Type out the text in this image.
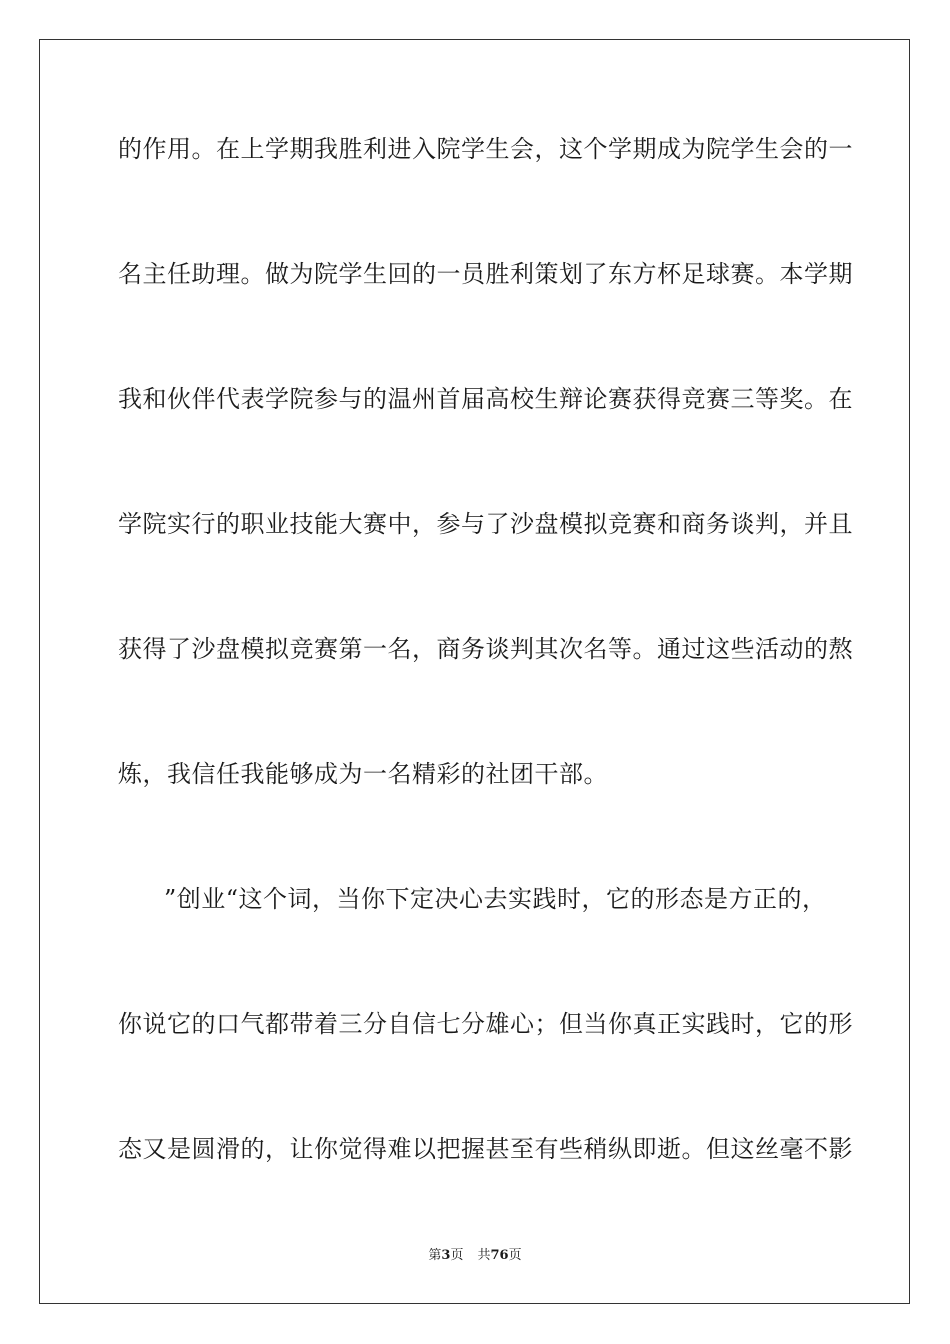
的作用。在上学期我胜利进入院学生会，这个学期成为院学生会的一
名主任助理。做为院学生回的一员胜利策划了东方杯足球赛。本学期
我和伙伴代表学院参与的温州首届高校生辩论赛获得竞赛三等奖。在
学院实行的职业技能大赛中，参与了沙盘模拟竞赛和商务谈判，并且
获得了沙盘模拟竞赛第一名，商务谈判其次名等。通过这些活动的熬
炼，我信任我能够成为一名精彩的社团干部。
”创业“这个词，当你下定决心去实践时，它的形态是方正的，
你说它的口气都带着三分自信七分雄心；但当你真正实践时，它的形
态又是圆滑的，让你觉得难以把握甚至有些稍纵即逝。但这丝毫不影
第3页 共76页
